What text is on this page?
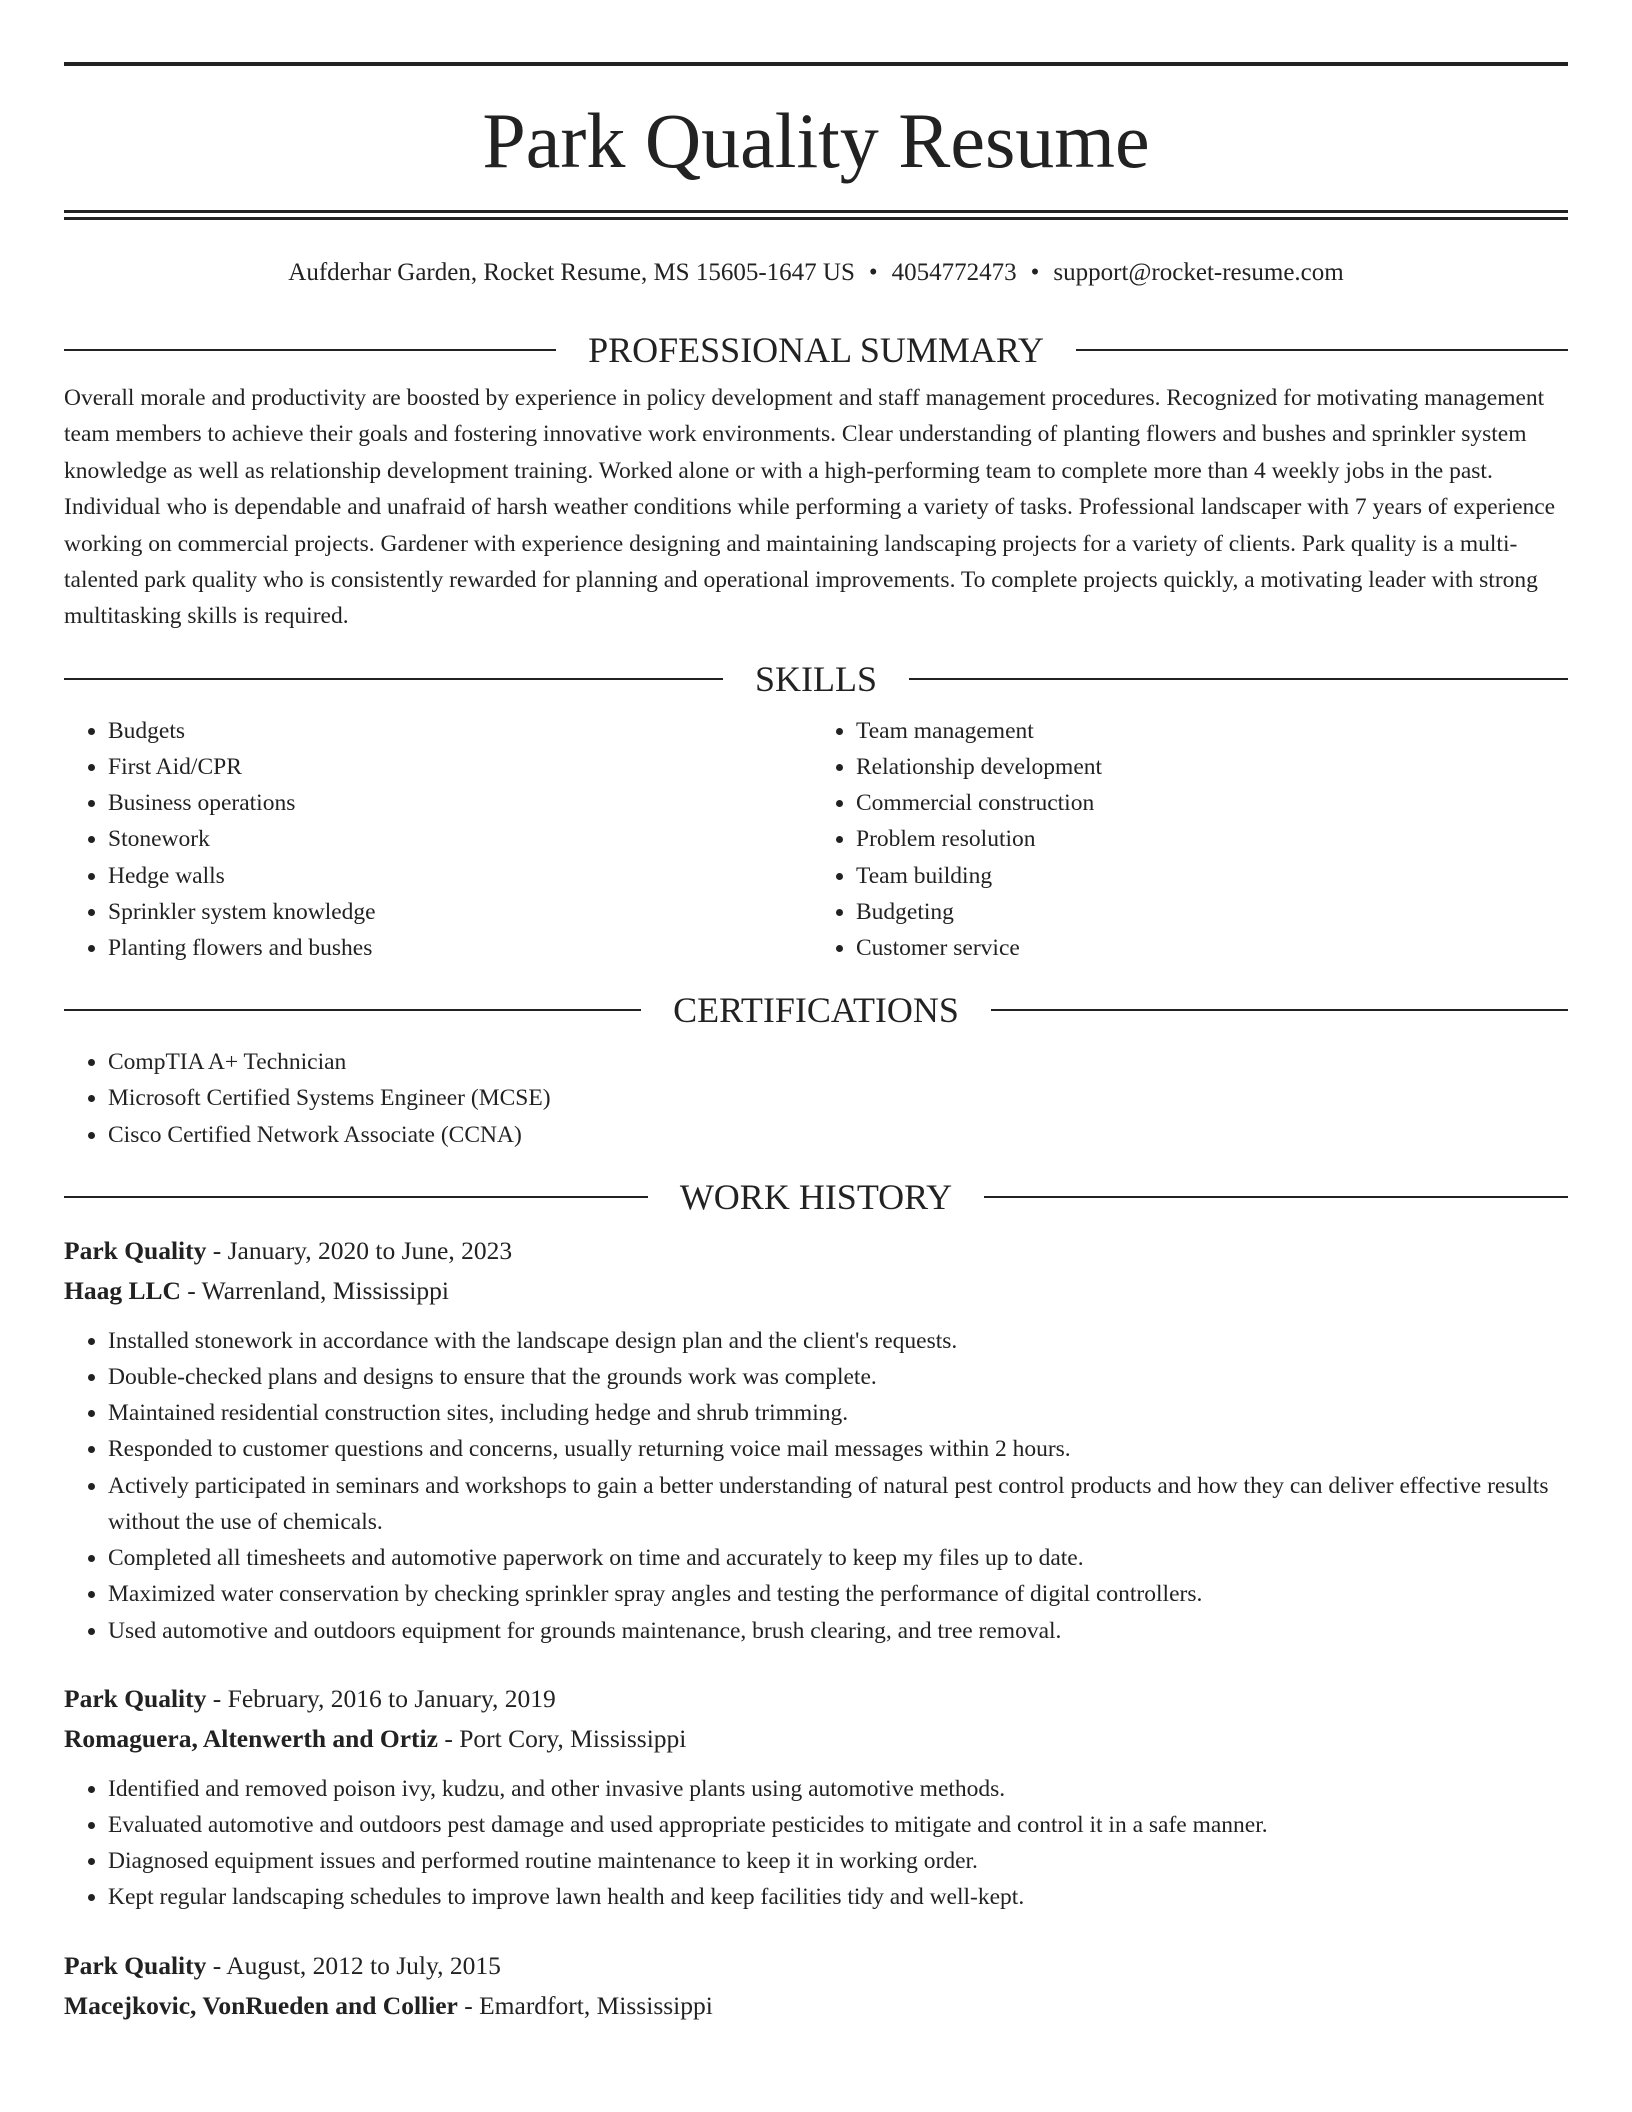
Park Quality Resume
Aufderhar Garden, Rocket Resume, MS 15605-1647 US • 4054772473 • support@rocket-resume.com
PROFESSIONAL SUMMARY

Overall morale and productivity are boosted by experience in policy development and staff management procedures. Recognized for motivating management team members to achieve their goals and fostering innovative work environments. Clear understanding of planting flowers and bushes and sprinkler system knowledge as well as relationship development training. Worked alone or with a high-performing team to complete more than 4 weekly jobs in the past. Individual who is dependable and unafraid of harsh weather conditions while performing a variety of tasks. Professional landscaper with 7 years of experience working on commercial projects. Gardener with experience designing and maintaining landscaping projects for a variety of clients. Park quality is a multi-talented park quality who is consistently rewarded for planning and operational improvements. To complete projects quickly, a motivating leader with strong multitasking skills is required.

SKILLS
• Budgets
• First Aid/CPR
• Business operations
• Stonework
• Hedge walls
• Sprinkler system knowledge
• Planting flowers and bushes
• Team management
• Relationship development
• Commercial construction
• Problem resolution
• Team building
• Budgeting
• Customer service
CERTIFICATIONS
• CompTIA A+ Technician
• Microsoft Certified Systems Engineer (MCSE)
• Cisco Certified Network Associate (CCNA)
WORK HISTORY
Park Quality - January, 2020 to June, 2023
Haag LLC - Warrenland, Mississippi
• Installed stonework in accordance with the landscape design plan and the client's requests.
• Double-checked plans and designs to ensure that the grounds work was complete.
• Maintained residential construction sites, including hedge and shrub trimming.
• Responded to customer questions and concerns, usually returning voice mail messages within 2 hours.
• Actively participated in seminars and workshops to gain a better understanding of natural pest control products and how they can deliver effective results without the use of chemicals.
• Completed all timesheets and automotive paperwork on time and accurately to keep my files up to date.
• Maximized water conservation by checking sprinkler spray angles and testing the performance of digital controllers.
• Used automotive and outdoors equipment for grounds maintenance, brush clearing, and tree removal.
Park Quality - February, 2016 to January, 2019
Romaguera, Altenwerth and Ortiz - Port Cory, Mississippi
• Identified and removed poison ivy, kudzu, and other invasive plants using automotive methods.
• Evaluated automotive and outdoors pest damage and used appropriate pesticides to mitigate and control it in a safe manner.
• Diagnosed equipment issues and performed routine maintenance to keep it in working order.
• Kept regular landscaping schedules to improve lawn health and keep facilities tidy and well-kept.
Park Quality - August, 2012 to July, 2015
Macejkovic, VonRueden and Collier - Emardfort, Mississippi
